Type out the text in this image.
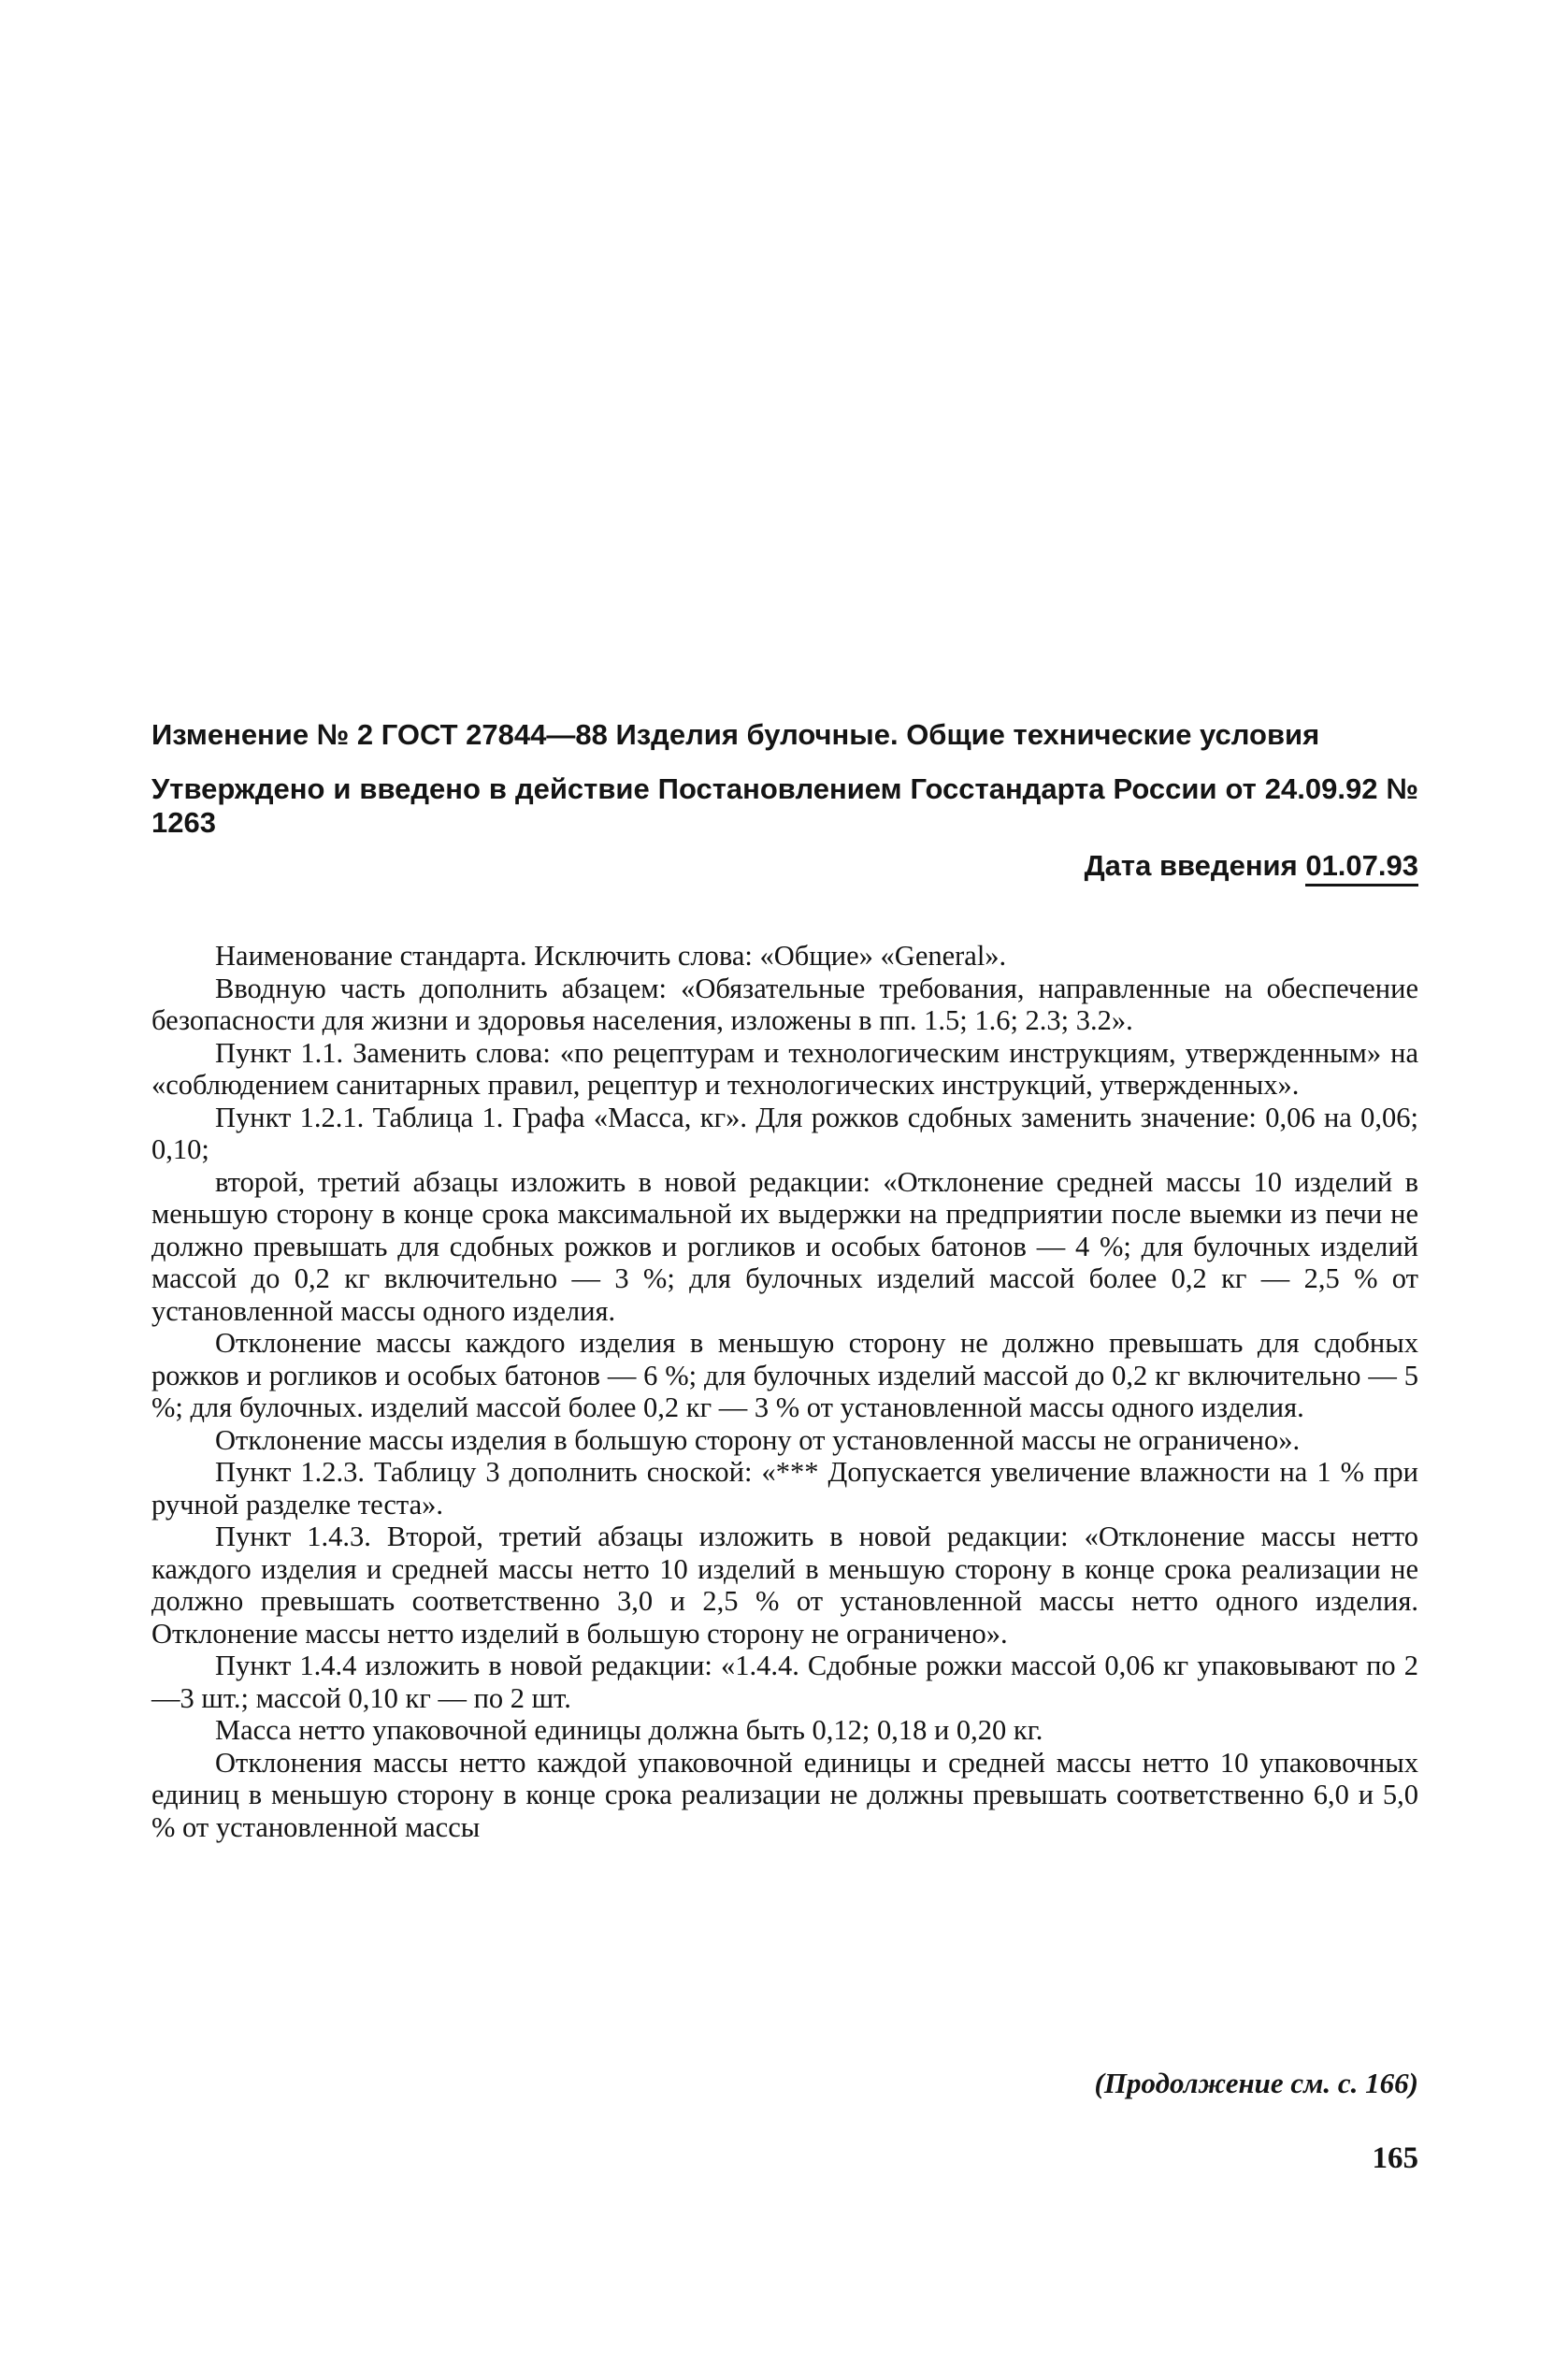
Изменение № 2 ГОСТ 27844—88 Изделия булочные. Общие технические условия

Утверждено и введено в действие Постановлением Госстандарта России от 24.09.92 № 1263

Дата введения 01.07.93

Наименование стандарта. Исключить слова: «Общие» «General».

Вводную часть дополнить абзацем: «Обязательные требования, направленные на обеспечение безопасности для жизни и здоровья населения, изложены в пп. 1.5; 1.6; 2.3; 3.2».

Пункт 1.1. Заменить слова: «по рецептурам и технологическим инструкциям, утвержденным» на «соблюдением санитарных правил, рецептур и технологических инструкций, утвержденных».

Пункт 1.2.1. Таблица 1. Графа «Масса, кг». Для рожков сдобных заменить значение: 0,06 на 0,06; 0,10;

второй, третий абзацы изложить в новой редакции: «Отклонение средней массы 10 изделий в меньшую сторону в конце срока максимальной их выдержки на предприятии после выемки из печи не должно превышать для сдобных рожков и рогликов и особых батонов — 4 %; для булочных изделий массой до 0,2 кг включительно — 3 %; для булочных изделий массой более 0,2 кг — 2,5 % от установленной массы одного изделия.

Отклонение массы каждого изделия в меньшую сторону не должно превышать для сдобных рожков и рогликов и особых батонов — 6 %; для булочных изделий массой до 0,2 кг включительно — 5 %; для булочных. изделий массой более 0,2 кг — 3 % от установленной массы одного изделия.

Отклонение массы изделия в большую сторону от установленной массы не ограничено».

Пункт 1.2.3. Таблицу 3 дополнить сноской: «*** Допускается увеличение влажности на 1 % при ручной разделке теста».

Пункт 1.4.3. Второй, третий абзацы изложить в новой редакции: «Отклонение массы нетто каждого изделия и средней массы нетто 10 изделий в меньшую сторону в конце срока реализации не должно превышать соответственно 3,0 и 2,5 % от установленной массы нетто одного изделия. Отклонение массы нетто изделий в большую сторону не ограничено».

Пункт 1.4.4 изложить в новой редакции: «1.4.4. Сдобные рожки массой 0,06 кг упаковывают по 2—3 шт.; массой 0,10 кг — по 2 шт.

Масса нетто упаковочной единицы должна быть 0,12; 0,18 и 0,20 кг.

Отклонения массы нетто каждой упаковочной единицы и средней массы нетто 10 упаковочных единиц в меньшую сторону в конце срока реализации не должны превышать соответственно 6,0 и 5,0 % от установленной массы

(Продолжение см. с. 166)
165
